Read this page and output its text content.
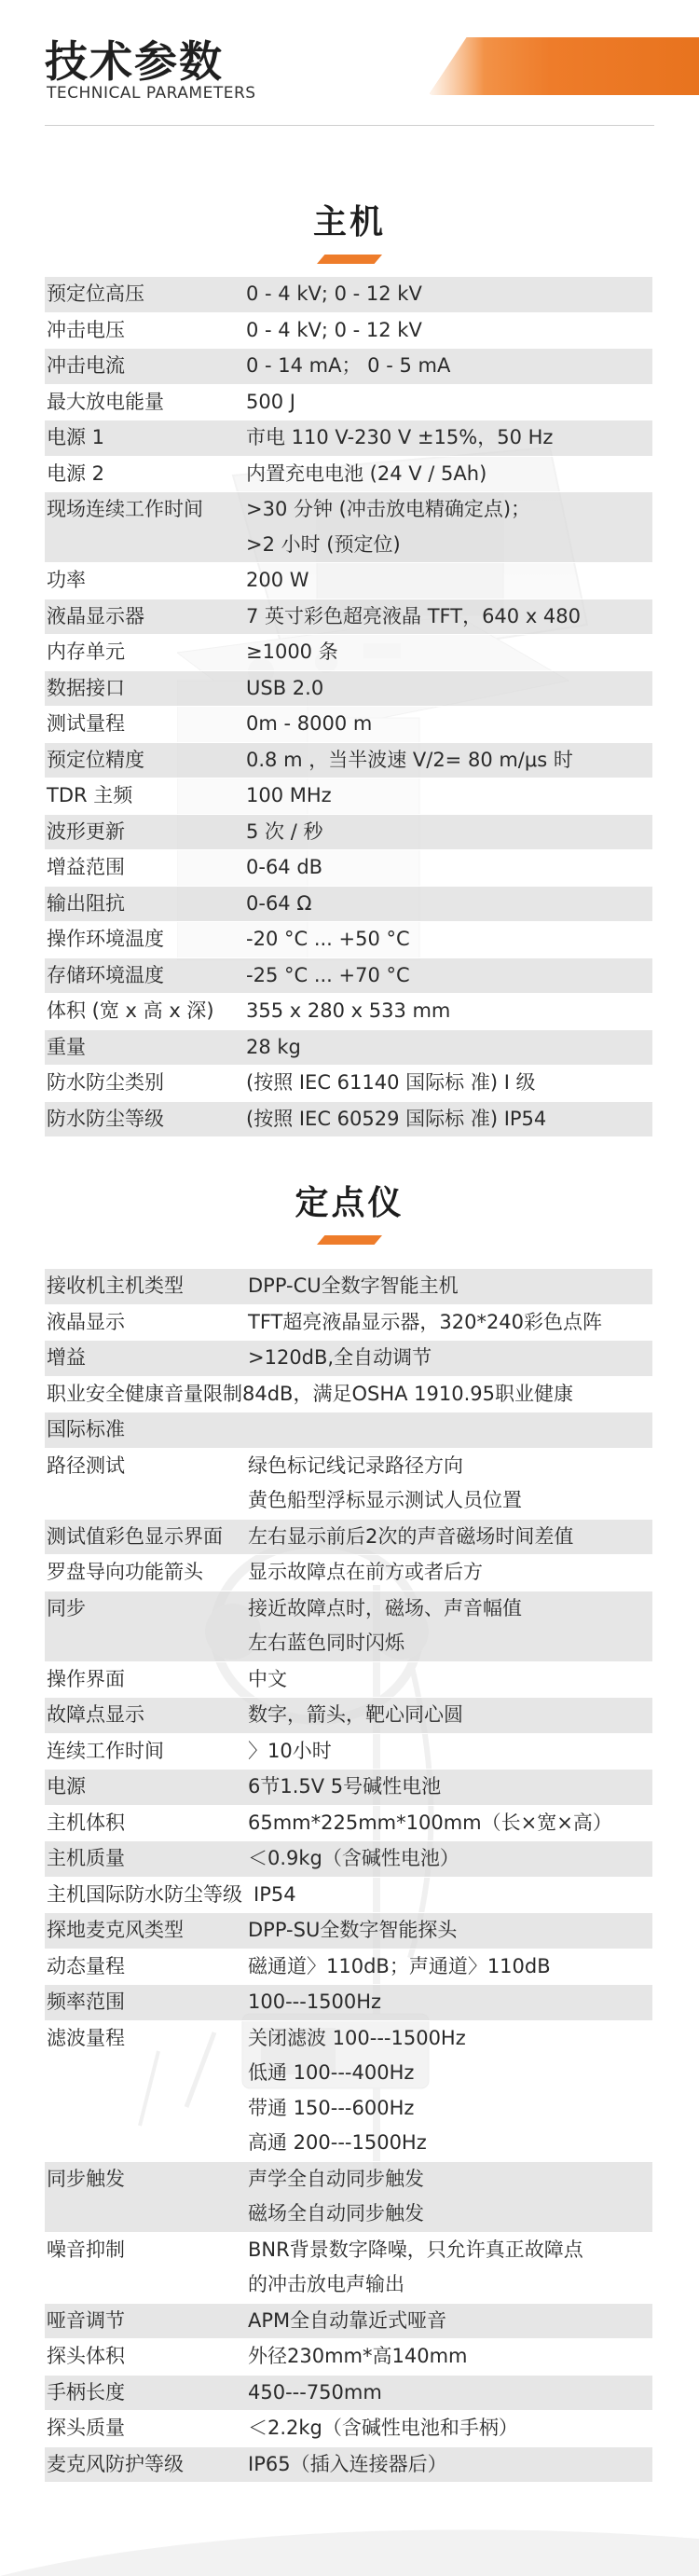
技术参数
TECHNICAL PARAMETERS
主机
预定位高压	0 - 4 kV; 0 - 12 kV
冲击电压	0 - 4 kV; 0 - 12 kV
冲击电流	0 - 14 mA； 0 - 5 mA
最大放电能量	500 J
电源 1	市电 110 V-230 V ±15%，50 Hz
电源 2	内置充电电池 (24 V / 5Ah)
现场连续工作时间	>30 分钟 (冲击放电精确定点)；
>2 小时 (预定位)
功率	200 W
液晶显示器	7 英寸彩色超亮液晶 TFT，640 x 480
内存单元	≥1000 条
数据接口	USB 2.0
测试量程	0m - 8000 m
预定位精度	0.8 m ，当半波速 V/2= 80 m/μs 时
TDR 主频	100 MHz
波形更新	5 次 / 秒
增益范围	0-64 dB
输出阻抗	0-64 Ω
操作环境温度	-20 °C ... +50 °C
存储环境温度	-25 °C ... +70 °C
体积 (宽 x 高 x 深)	355 x 280 x 533 mm
重量	28 kg
防水防尘类别	(按照 IEC 61140 国际标 准) I 级
防水防尘等级	(按照 IEC 60529 国际标 准) IP54
定点仪
接收机主机类型	DPP-CU全数字智能主机
液晶显示	TFT超亮液晶显示器，320*240彩色点阵
增益	>120dB,全自动调节
职业安全健康音量限制84dB，满足OSHA 1910.95职业健康
国际标准
路径测试	绿色标记线记录路径方向
黄色船型浮标显示测试人员位置
测试值彩色显示界面	左右显示前后2次的声音磁场时间差值
罗盘导向功能箭头	显示故障点在前方或者后方
同步	接近故障点时，磁场、声音幅值
左右蓝色同时闪烁
操作界面	中文
故障点显示	数字，箭头，靶心同心圆
连续工作时间	〉10小时
电源	6节1.5V 5号碱性电池
主机体积	65mm*225mm*100mm（长×宽×高）
主机质量	＜0.9kg（含碱性电池）
主机国际防水防尘等级 IP54
探地麦克风类型	DPP-SU全数字智能探头
动态量程	磁通道〉110dB；声通道〉110dB
频率范围	100---1500Hz
滤波量程	关闭滤波 100---1500Hz
低通 100---400Hz
带通 150---600Hz
高通 200---1500Hz
同步触发	声学全自动同步触发
磁场全自动同步触发
噪音抑制	BNR背景数字降噪，只允许真正故障点
的冲击放电声输出
哑音调节	APM全自动靠近式哑音
探头体积	外径230mm*高140mm
手柄长度	450---750mm
探头质量	＜2.2kg（含碱性电池和手柄）
麦克风防护等级	IP65（插入连接器后）
